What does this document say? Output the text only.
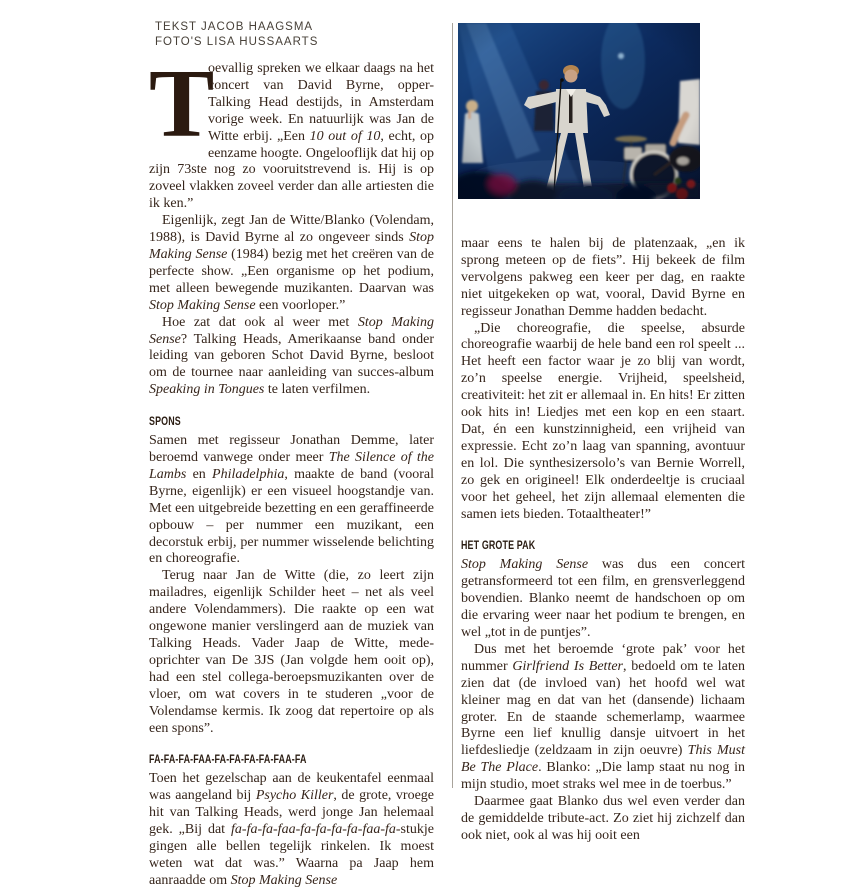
TEKST JACOB HAAGSMA
FOTO'S LISA HUSSAARTS

T
oevallig spreken we elkaar daags na het concert van David Byrne, opper-Talking Head destijds, in Amsterdam vorige week. En natuurlijk was Jan de Witte erbij. „Een 10 out of 10, echt, op eenzame hoogte. Ongelooflijk dat hij op zijn 73ste nog zo vooruitstrevend is. Hij is op zoveel vlakken zoveel verder dan alle artiesten die ik ken.”

Eigenlijk, zegt Jan de Witte/Blanko (Volendam, 1988), is David Byrne al zo ongeveer sinds Stop Making Sense (1984) bezig met het creëren van de perfecte show. „Een organisme op het podium, met alleen bewegende muzikanten. Daarvan was Stop Making Sense een voorloper.”

Hoe zat dat ook al weer met Stop Making Sense? Talking Heads, Amerikaanse band onder leiding van geboren Schot David Byrne, besloot om de tournee naar aanleiding van succes-album Speaking in Tongues te laten verfilmen.

SPONS

Samen met regisseur Jonathan Demme, later beroemd vanwege onder meer The Silence of the Lambs en Philadelphia, maakte de band (vooral Byrne, eigenlijk) er een visueel hoogstandje van. Met een uitgebreide bezetting en een geraffineerde opbouw – per nummer een muzikant, een decorstuk erbij, per nummer wisselende belichting en choreografie.

Terug naar Jan de Witte (die, zo leert zijn mailadres, eigenlijk Schilder heet – net als veel andere Volendammers). Die raakte op een wat ongewone manier verslingerd aan de muziek van Talking Heads. Vader Jaap de Witte, mede-oprichter van De 3JS (Jan volgde hem ooit op), had een stel collega-beroepsmuzikanten over de vloer, om wat covers in te studeren „voor de Volendamse kermis. Ik zoog dat repertoire op als een spons”.

FA-FA-FA-FAA-FA-FA-FA-FA-FAA-FA

Toen het gezelschap aan de keukentafel eenmaal was aangeland bij Psycho Killer, de grote, vroege hit van Talking Heads, werd jonge Jan helemaal gek. „Bij dat fa-fa-fa-faa-fa-fa-fa-fa-faa-fa-stukje gingen alle bellen tegelijk rinkelen. Ik moest weten wat dat was.” Waarna pa Jaap hem aanraadde om Stop Making Sense

maar eens te halen bij de platenzaak, „en ik sprong meteen op de fiets”. Hij bekeek de film vervolgens pakweg een keer per dag, en raakte niet uitgekeken op wat, vooral, David Byrne en regisseur Jonathan Demme hadden bedacht.

„Die choreografie, die speelse, absurde choreografie waarbij de hele band een rol speelt ... Het heeft een factor waar je zo blij van wordt, zo’n speelse energie. Vrijheid, speelsheid, creativiteit: het zit er allemaal in. En hits! Er zitten ook hits in! Liedjes met een kop en een staart. Dat, én een kunstzinnigheid, een vrijheid van expressie. Echt zo’n laag van spanning, avontuur en lol. Die synthesizersolo’s van Bernie Worrell, zo gek en origineel! Elk onderdeeltje is cruciaal voor het geheel, het zijn allemaal elementen die samen iets bieden. Totaaltheater!”

HET GROTE PAK

Stop Making Sense was dus een concert getransformeerd tot een film, en grensverleggend bovendien. Blanko neemt de handschoen op om die ervaring weer naar het podium te brengen, en wel „tot in de puntjes”.

Dus met het beroemde ‘grote pak’ voor het nummer Girlfriend Is Better, bedoeld om te laten zien dat (de invloed van) het hoofd wel wat kleiner mag en dat van het (dansende) lichaam groter. En de staande schemerlamp, waarmee Byrne een lief knullig dansje uitvoert in het liefdesliedje (zeldzaam in zijn oeuvre) This Must Be The Place. Blanko: „Die lamp staat nu nog in mijn studio, moet straks wel mee in de toerbus.”

Daarmee gaat Blanko dus wel even verder dan de gemiddelde tribute-act. Zo ziet hij zichzelf dan ook niet, ook al was hij ooit een
